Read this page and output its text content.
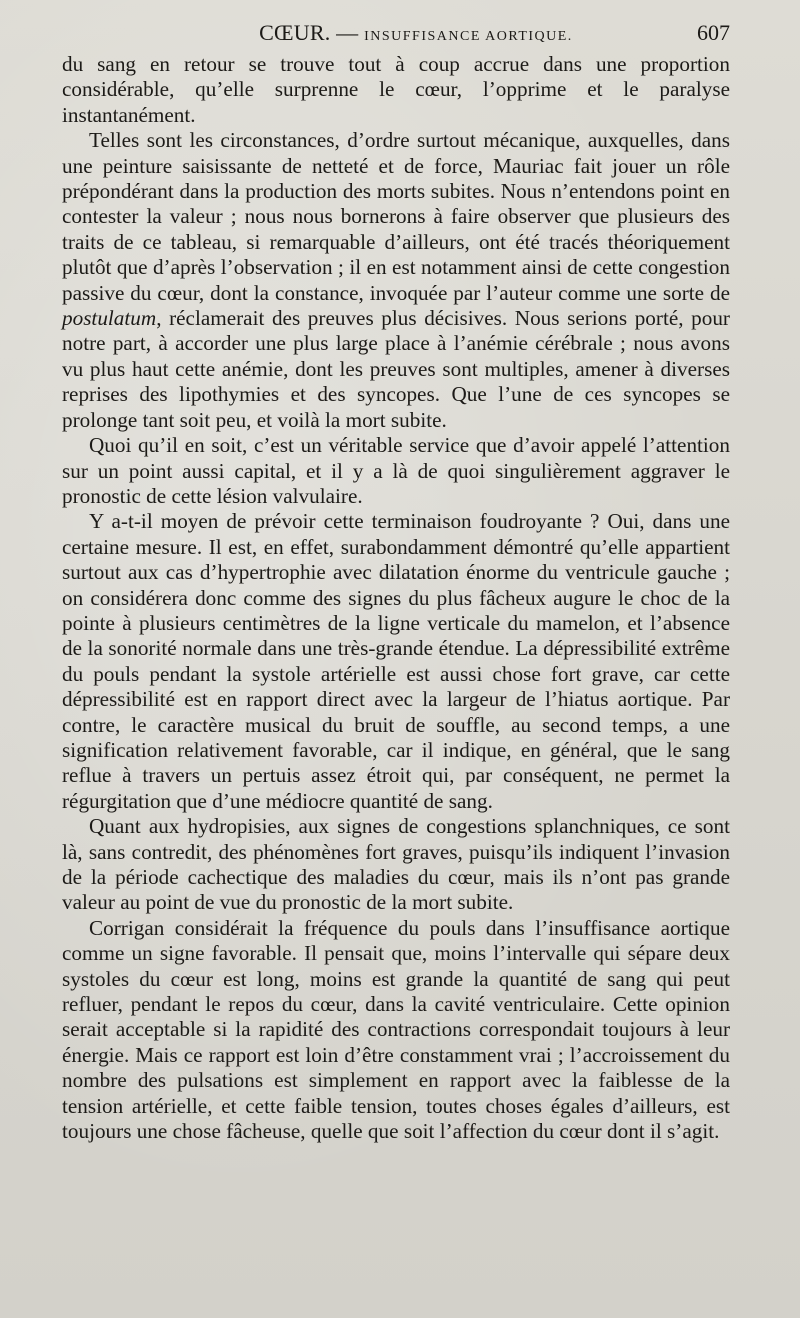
CŒUR. — INSUFFISANCE AORTIQUE.	607

du sang en retour se trouve tout à coup accrue dans une proportion considérable, qu’elle surprenne le cœur, l’opprime et le paralyse instantanément.

Telles sont les circonstances, d’ordre surtout mécanique, auxquelles, dans une peinture saisissante de netteté et de force, Mauriac fait jouer un rôle prépondérant dans la production des morts subites. Nous n’entendons point en contester la valeur ; nous nous bornerons à faire observer que plusieurs des traits de ce tableau, si remarquable d’ailleurs, ont été tracés théoriquement plutôt que d’après l’observation ; il en est notamment ainsi de cette congestion passive du cœur, dont la constance, invoquée par l’auteur comme une sorte de postulatum, réclamerait des preuves plus décisives. Nous serions porté, pour notre part, à accorder une plus large place à l’anémie cérébrale ; nous avons vu plus haut cette anémie, dont les preuves sont multiples, amener à diverses reprises des lipothymies et des syncopes. Que l’une de ces syncopes se prolonge tant soit peu, et voilà la mort subite.

Quoi qu’il en soit, c’est un véritable service que d’avoir appelé l’attention sur un point aussi capital, et il y a là de quoi singulièrement aggraver le pronostic de cette lésion valvulaire.

Y a-t-il moyen de prévoir cette terminaison foudroyante ? Oui, dans une certaine mesure. Il est, en effet, surabondamment démontré qu’elle appartient surtout aux cas d’hypertrophie avec dilatation énorme du ventricule gauche ; on considérera donc comme des signes du plus fâcheux augure le choc de la pointe à plusieurs centimètres de la ligne verticale du mamelon, et l’absence de la sonorité normale dans une très-grande étendue. La dépressibilité extrême du pouls pendant la systole artérielle est aussi chose fort grave, car cette dépressibilité est en rapport direct avec la largeur de l’hiatus aortique. Par contre, le caractère musical du bruit de souffle, au second temps, a une signification relativement favorable, car il indique, en général, que le sang reflue à travers un pertuis assez étroit qui, par conséquent, ne permet la régurgitation que d’une médiocre quantité de sang.

Quant aux hydropisies, aux signes de congestions splanchniques, ce sont là, sans contredit, des phénomènes fort graves, puisqu’ils indiquent l’invasion de la période cachectique des maladies du cœur, mais ils n’ont pas grande valeur au point de vue du pronostic de la mort subite.

Corrigan considérait la fréquence du pouls dans l’insuffisance aortique comme un signe favorable. Il pensait que, moins l’intervalle qui sépare deux systoles du cœur est long, moins est grande la quantité de sang qui peut refluer, pendant le repos du cœur, dans la cavité ventriculaire. Cette opinion serait acceptable si la rapidité des contractions correspondait toujours à leur énergie. Mais ce rapport est loin d’être constamment vrai ; l’accroissement du nombre des pulsations est simplement en rapport avec la faiblesse de la tension artérielle, et cette faible tension, toutes choses égales d’ailleurs, est toujours une chose fâcheuse, quelle que soit l’affection du cœur dont il s’agit.
